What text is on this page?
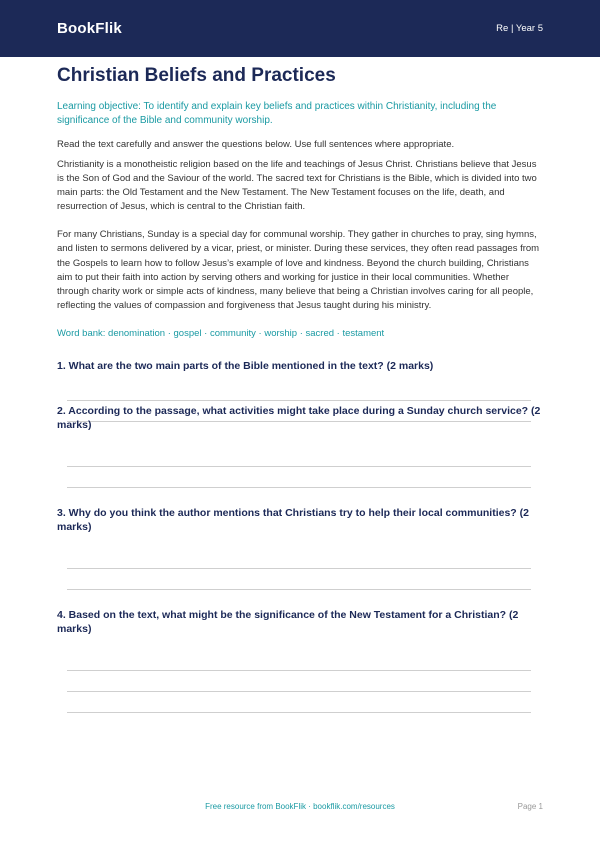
BookFlik	Re | Year 5
Christian Beliefs and Practices

Learning objective: To identify and explain key beliefs and practices within Christianity, including the significance of the Bible and community worship.

Read the text carefully and answer the questions below. Use full sentences where appropriate.

Christianity is a monotheistic religion based on the life and teachings of Jesus Christ. Christians believe that Jesus is the Son of God and the Saviour of the world. The sacred text for Christians is the Bible, which is divided into two main parts: the Old Testament and the New Testament. The New Testament focuses on the life, death, and resurrection of Jesus, which is central to the Christian faith.

For many Christians, Sunday is a special day for communal worship. They gather in churches to pray, sing hymns, and listen to sermons delivered by a vicar, priest, or minister. During these services, they often read passages from the Gospels to learn how to follow Jesus’s example of love and kindness. Beyond the church building, Christians aim to put their faith into action by serving others and working for justice in their local communities. Whether through charity work or simple acts of kindness, many believe that being a Christian involves caring for all people, reflecting the values of compassion and forgiveness that Jesus taught during his ministry.

Word bank: denomination · gospel · community · worship · sacred · testament

1. What are the two main parts of the Bible mentioned in the text? (2 marks)

2. According to the passage, what activities might take place during a Sunday church service? (2 marks)

3. Why do you think the author mentions that Christians try to help their local communities? (2 marks)

4. Based on the text, what might be the significance of the New Testament for a Christian? (2 marks)

Free resource from BookFlik · bookflik.com/resources	Page 1
